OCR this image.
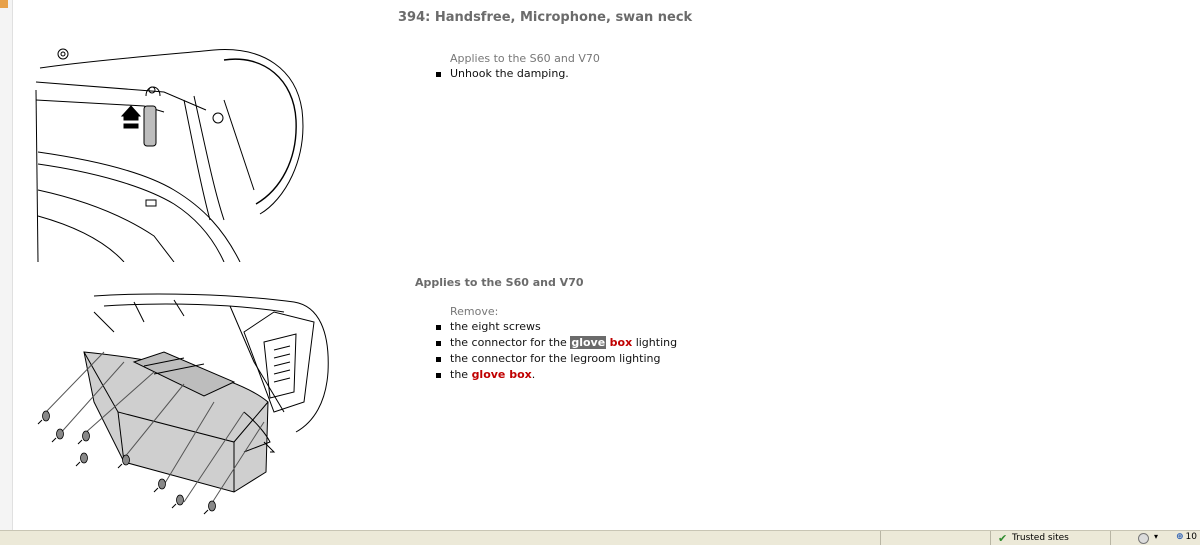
394: Handsfree, Microphone, swan neck
Applies to the S60 and V70
Unhook the damping.
Applies to the S60 and V70
Remove:
the eight screws
the connector for the glove box lighting
the connector for the legroom lighting
the glove box.
✔ Trusted sites	▾ ⊕ 10
